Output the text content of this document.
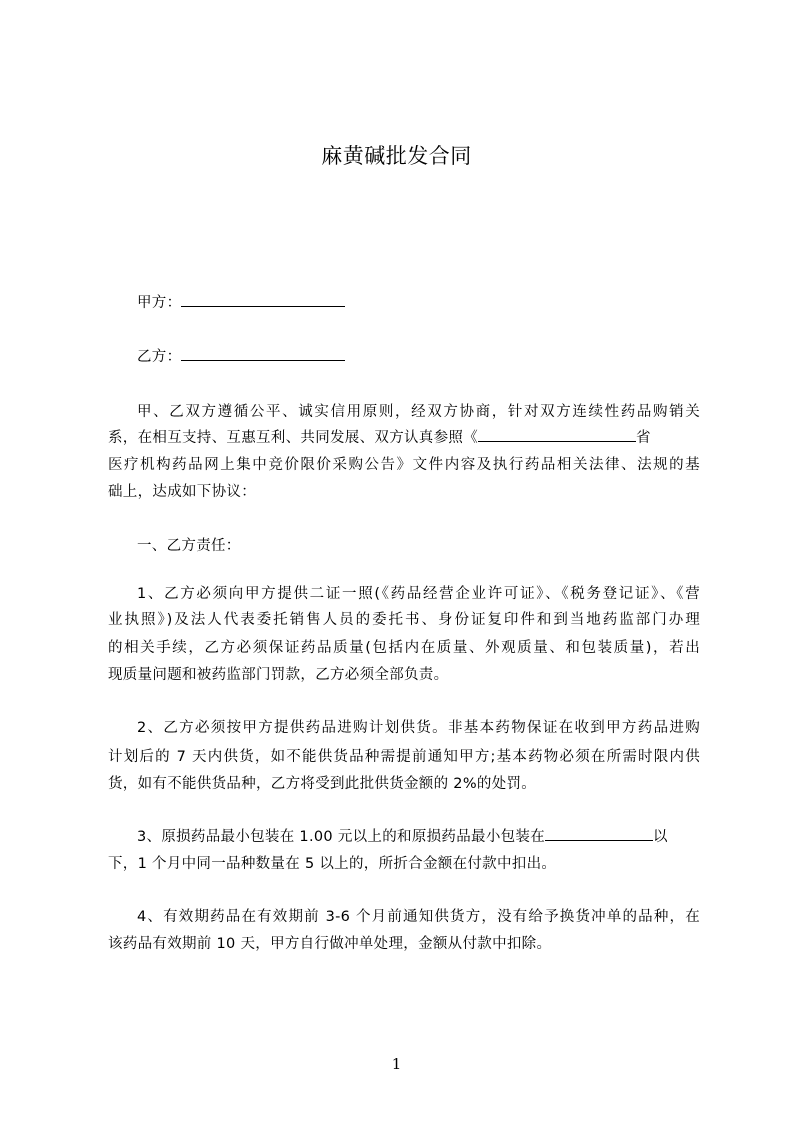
麻黄碱批发合同
甲方：
乙方：
甲、乙双方遵循公平、诚实信用原则，经双方协商，针对双方连续性药品购销关
系，在相互支持、互惠互利、共同发展、双方认真参照《	省
医疗机构药品网上集中竞价限价采购公告》文件内容及执行药品相关法律、法规的基
础上，达成如下协议：
一、乙方责任：
1、乙方必须向甲方提供二证一照(《药品经营企业许可证》、《税务登记证》、《营
业执照》)及法人代表委托销售人员的委托书、身份证复印件和到当地药监部门办理
的相关手续，乙方必须保证药品质量(包括内在质量、外观质量、和包装质量)，若出
现质量问题和被药监部门罚款，乙方必须全部负责。
2、乙方必须按甲方提供药品进购计划供货。非基本药物保证在收到甲方药品进购
计划后的 7 天内供货，如不能供货品种需提前通知甲方;基本药物必须在所需时限内供
货，如有不能供货品种，乙方将受到此批供货金额的 2%的处罚。
3、原损药品最小包装在 1.00 元以上的和原损药品最小包装在	以
下，1 个月中同一品种数量在 5 以上的，所折合金额在付款中扣出。
4、有效期药品在有效期前 3-6 个月前通知供货方，没有给予换货冲单的品种，在
该药品有效期前 10 天，甲方自行做冲单处理，金额从付款中扣除。
1
